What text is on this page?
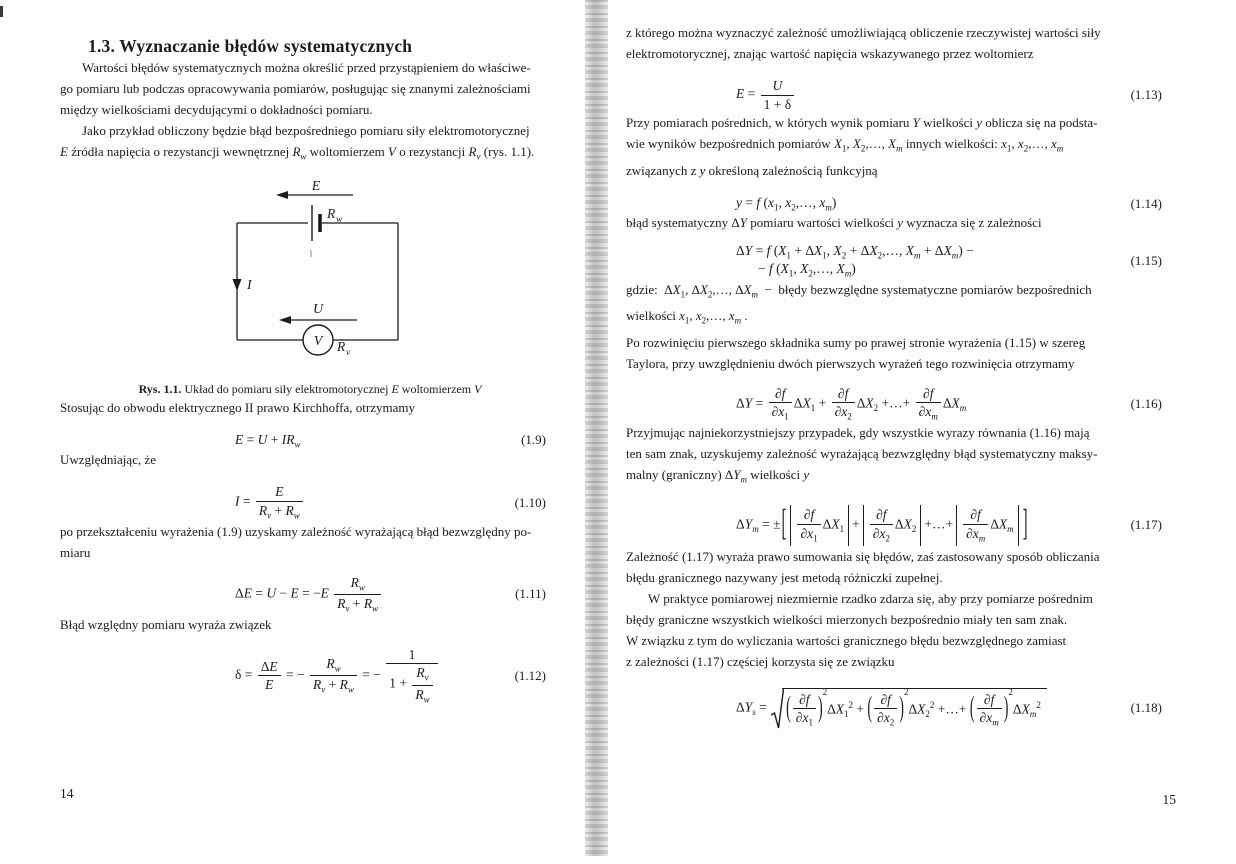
1.3. Wyznaczanie błędów systematycznych

Wartości błędów systematycznych można określić przed przystąpieniem do właściwe-
go pomiaru lub podczas opracowywania pomiarów, posługując się znanymi zależnościami
między wielkościami decydującymi o dokładności pomiaru.

Jako przykład obliczony będzie błąd bezpośredniego pomiaru siły elektromotorycznej
E źródła napięcia o rezystancji wewnętrznej $R_w$ woltomierzem V o rezystancji $R_v$ (rys. 1.1).

V
E
R w
I
U
R v
Rys. 1.1. Układ do pomiaru siły elektromotorycznej E woltomierzem V

Stosując do obwodu elektrycznego II prawo Kirchhoffa, otrzymamy

$E = U + IR_w$	(1.9)

Uwzględniając, że

$I = \frac{E}{R_v + R_w}$	(1.10)

po przekształceniu wyrażenia (1.9) uzyskamy zależność wyrażającą błąd bezwzględny po-
miaru

$\Delta E = U - E = -E \frac{R_w}{R_v + R_w}$	(1.11)

Błąd względny pomiaru wyraża związek

$\delta = \frac{\Delta E}{E}$ = − $\frac{R_w}{R_v + R_w}$ = −
1
$1 + \frac{R_v}{R_w}$	(1.12)

z którego można wyznaczyć zależność umożliwiającą obliczenie rzeczywistej wartości siły
elektromotorycznej, znając wartość napięcia wskazywanego przez woltomierz

$E = \frac{U}{1 + \delta}$	(1.13)

Przy pomiarach pośrednich, w których wynik pomiaru Y wielkości y oblicza się na podsta-
wie wyników bezpośrednich pomiarów $X_1$, $X_2,\dots$, $X_m$ innych wielkości: $x_1$, $x_2,\dots$, $x_m$
związanych z y określoną zależnością funkcyjną

y = f ($x_1$, $x_2,\dots$, $x_m$)	(1.14)

błąd systematyczny ΔY pomiaru wartości wielkości y wyznacza się z zależności

ΔY = f ($X_1 + \Delta X_1$, $X_2$ + $\Delta X_2,\dots$, $X_m + \Delta X_m$) −
− f ($X_1$, $X_2,\dots$, $X_m$)
(1.15)

gdzie:  $\Delta X_1$, $\Delta X_2,\dots$, $\Delta X_m$  −  błędy bezwzględne systematyczne pomiarów bezpośrednich
wielkości $x_1$, $x_2,\dots$, $x_m$ .

Po rozwinięciu pierwszego składnika sumy po prawej stronie wyrażenia (1.15) w szereg
Taylora, przy uwzględnieniu dwóch pierwszych wyrażeń tego rozwinięcia otrzymamy

$\Delta Y = \frac{\partial f}{\partial x_1} \Delta X_1 + \frac{\partial f}{\partial x_2} \Delta X_2$ +…+ $\frac{\partial f}{\partial x_m} \Delta X_m$	(1.16)

Przyjmując najniekorzystniejszy przypadek, gdy wszystkie wyrazy równania (1.16) mają
ten sam znak, uzyskujemy zależność wyrażającą bezwzględny błąd systematyczny maksy-
malny (graniczny) $\Delta Y_m$ wielkości y

$\Delta Y_m$ = ±[ $\frac{\partial f}{\partial x_1} \Delta X_1 + \frac{\partial f}{\partial x_2} \Delta X_2$ +…+ $\frac{\partial f}{\partial x_m} \Delta X_m$ ]	(1.17)

Zależność (1.17) wyraża prawo sumowania się błędów, zaś zastosowany sposób obliczania
błędu granicznego nazywany jest metodą różniczki zupełnej.

W praktyce pomiarowej niezmiernie rzadko zdarza się, aby przy pomiarze pośrednim
błędy graniczne wszystkich wielkości mierzonych bezpośrednio miały ten sam znak.
W związku z tym do wyliczania wartości granicznego błędu bezwzględnego zamiast
z zależności (1.17) częściej korzysta się ze związku

$\Delta Y_s$ = ( $\frac{\partial f}{\partial x_1} )^2\Delta X_1^2$ + ( $\frac{\partial f}{\partial x_2} )^2\Delta X_2^2$ +…+ ( $\frac{\partial f}{\partial x_m} )^2\Delta X_m^2$	(1.18)
14	15
